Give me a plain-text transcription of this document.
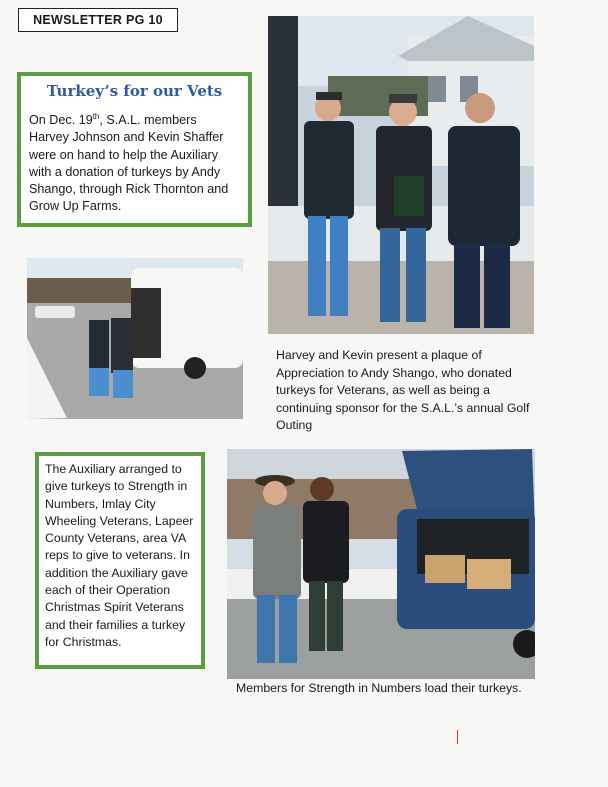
NEWSLETTER PG 10
Turkey’s for our Vets
On Dec. 19th, S.A.L. members Harvey Johnson and Kevin Shaffer were on hand to help the Auxiliary with a donation of turkeys by Andy Shango, through Rick Thornton and Grow Up Farms.
Harvey and Kevin present a plaque of Appreciation to Andy Shango, who donated turkeys for Veterans, as well as being a continuing sponsor for the S.A.L.’s annual Golf Outing
The Auxiliary arranged to give turkeys to Strength in Numbers, Imlay City Wheeling Veterans, Lapeer County Veterans, area VA reps to give to veterans. In addition the Auxiliary gave each of their Operation Christmas Spirit Veterans and their families a turkey for Christmas.
Members for Strength in Numbers load their turkeys.
